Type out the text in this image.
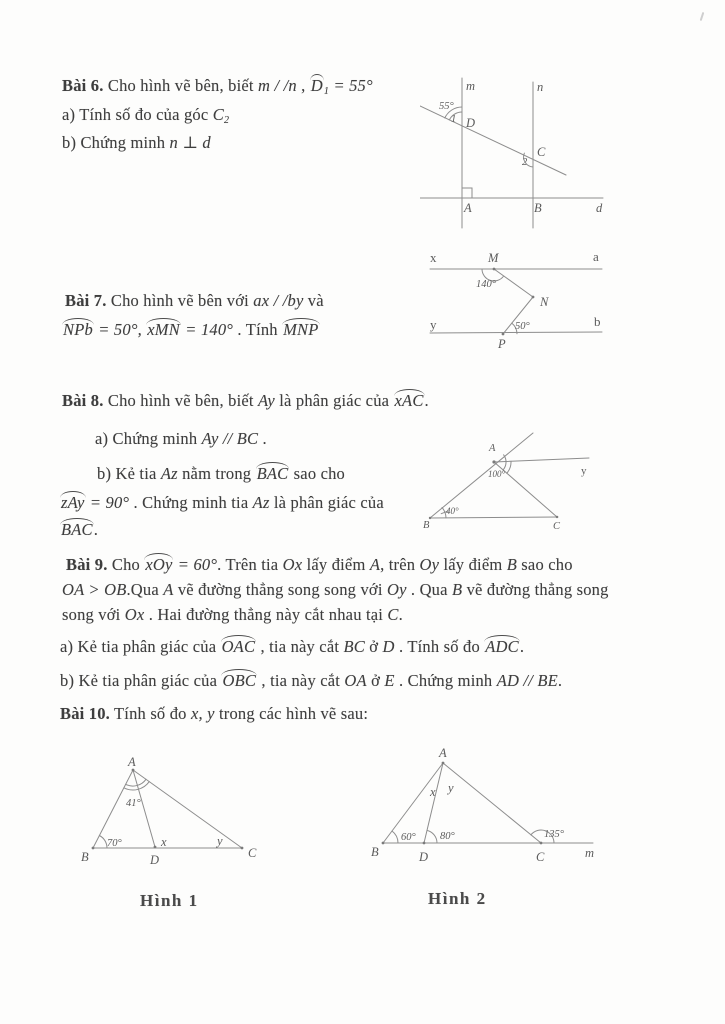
Bài 6. Cho hình vẽ bên, biết m / /n , D1 = 55°
a) Tính số đo của góc C2
b) Chứng minh n ⊥ d
m	n
55°
1 D
C
2
A	B	d
Bài 7. Cho hình vẽ bên với ax / /by và
NPb = 50°, xMN = 140° . Tính MNP
x	M	a
140°
N
y	50°	b
P
Bài 8. Cho hình vẽ bên, biết Ay là phân giác của xAC.
a) Chứng minh Ay // BC .
b) Kẻ tia Az nằm trong BAC sao cho
zAy = 90° . Chứng minh tia Az là phân giác của
BAC.
A
B	C
y
100°
40°
Bài 9. Cho xOy = 60°. Trên tia Ox lấy điểm A, trên Oy lấy điểm B sao cho
OA > OB.Qua A vẽ đường thẳng song song với Oy . Qua B vẽ đường thẳng song
song với Ox . Hai đường thẳng này cắt nhau tại C.
a) Kẻ tia phân giác của OAC , tia này cắt BC ở D . Tính số đo ADC.
b) Kẻ tia phân giác của OBC , tia này cắt OA ở E . Chứng minh AD // BE.
Bài 10. Tính số đo x, y trong các hình vẽ sau:
A
B	C
D
41°
70°	x	y
Hình 1
A
B	D	C	m
x y
60° 80°	135°
Hình 2
